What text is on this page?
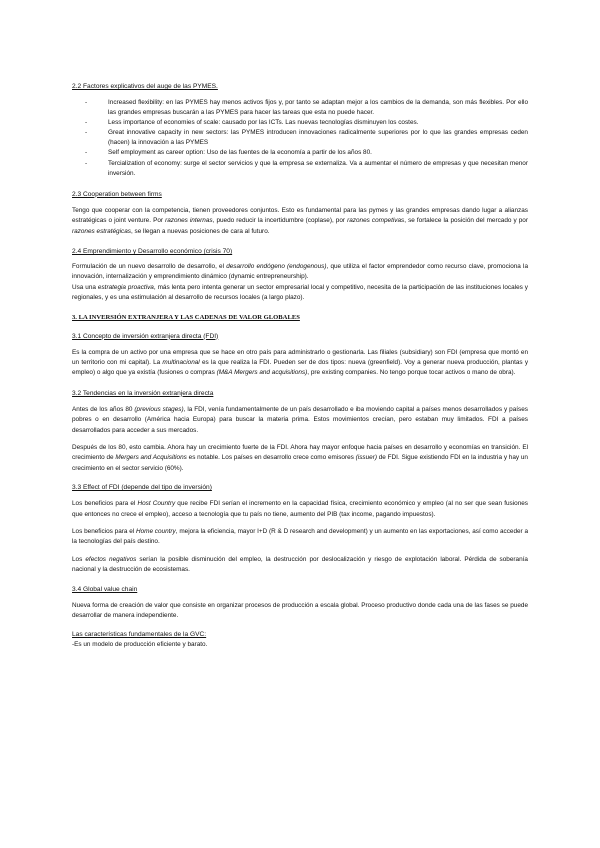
2.2 Factores explicativos del auge de las PYMES.

- Increased flexibility: en las PYMES hay menos activos fijos y, por tanto se adaptan mejor a los cambios de la demanda, son más flexibles. Por ello las grandes empresas buscarán a las PYMES para hacer las tareas que esta no puede hacer.
- Less importance of economies of scale: causado por las ICTs. Las nuevas tecnologías disminuyen los costes.
- Great innovative capacity in new sectors: las PYMES introducen innovaciones radicalmente superiores por lo que las grandes empresas ceden (hacen) la innovación a las PYMES
- Self employment as career option: Uso de las fuentes de la economía a partir de los años 80.
- Tercialization of economy: surge el sector servicios y que la empresa se externaliza. Va a aumentar el número de empresas y que necesitan menor inversión.

2.3 Cooperation between firms

Tengo que cooperar con la competencia, tienen proveedores conjuntos. Esto es fundamental para las pymes y las grandes empresas dando lugar a alianzas estratégicas o joint venture. Por razones internas, puedo reducir la incertidumbre (coplase), por razones competivas, se fortalece la posición del mercado y por razones estratégicas, se llegan a nuevas posiciones de cara al futuro.

2.4 Emprendimiento y Desarrollo económico (crisis 70)

Formulación de un nuevo desarrollo de desarrollo, el desarrollo endógeno (endogenous), que utiliza el factor emprendedor como recurso clave, promociona la innovación, internalización y emprendimiento dinámico (dynamic entrepreneurship).

Usa una estrategia proactiva, más lenta pero intenta generar un sector empresarial local y competitivo, necesita de la participación de las instituciones locales y regionales, y es una estimulación al desarrollo de recursos locales (a largo plazo).

3. LA INVERSIÓN EXTRANJERA Y LAS CADENAS DE VALOR GLOBALES

3.1 Concepto de inversión extranjera directa (FDI)

Es la compra de un activo por una empresa que se hace en otro país para administrarlo o gestionarla. Las filiales (subsidiary) son FDI (empresa que montó en un territorio con mi capital). La multinacional es la que realiza la FDI. Pueden ser de dos tipos: nueva (greenfield). Voy a generar nueva producción, plantas y empleo) o algo que ya existía (fusiones o compras (M&A Mergers and acquisitions), pre existing companies. No tengo porque tocar activos o mano de obra).

3.2 Tendencias en la inversión extranjera directa

Antes de los años 80 (previous stages), la FDI, venía fundamentalmente de un país desarrollado e iba moviendo capital a países menos desarrollados y países pobres o en desarrollo (América hacia Europa) para buscar la materia prima. Estos movimientos crecían, pero estaban muy limitados. FDI a países desarrollados para acceder a sus mercados.

Después de los 80, esto cambia. Ahora hay un crecimiento fuerte de la FDI. Ahora hay mayor enfoque hacia países en desarrollo y economías en transición. El crecimiento de Mergers and Acquisitions es notable. Los países en desarrollo crece como emisores (issuer) de FDI. Sigue existiendo FDI en la industria y hay un crecimiento en el sector servicio (60%).

3.3 Effect of FDI (depende del tipo de inversión)

Los beneficios para el Host Country que recibe FDI serían el incremento en la capacidad física, crecimiento económico y empleo (al no ser que sean fusiones que entonces no crece el empleo), acceso a tecnología que tu país no tiene, aumento del PIB (tax income, pagando impuestos).

Los beneficios para el Home country, mejora la eficiencia, mayor I+D (R & D research and development) y un aumento en las exportaciones, así como acceder a la tecnologías del país destino.

Los efectos negativos serían la posible disminución del empleo, la destrucción por deslocalización y riesgo de explotación laboral. Pérdida de soberanía nacional y la destrucción de ecosistemas.

3.4 Global value chain

Nueva forma de creación de valor que consiste en organizar procesos de producción a escala global. Proceso productivo donde cada una de las fases se puede desarrollar de manera independiente.

Las características fundamentales de la GVC:

-Es un modelo de producción eficiente y barato.
